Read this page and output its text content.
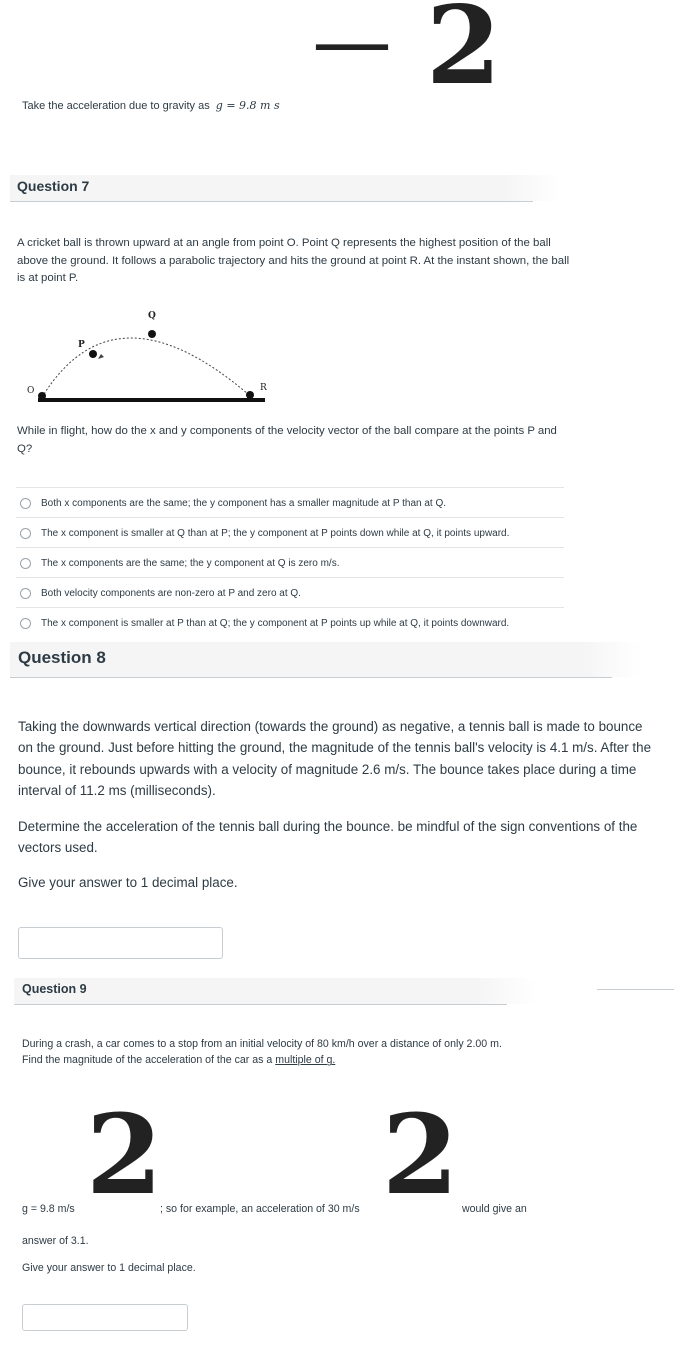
— 2
Take the acceleration due to gravity as g = 9.8 m s
Question 7
A cricket ball is thrown upward at an angle from point O. Point Q represents the highest position of the ball above the ground. It follows a parabolic trajectory and hits the ground at point R. At the instant shown, the ball is at point P.
O
P
Q
R
While in flight, how do the x and y components of the velocity vector of the ball compare at the points P and Q?
Both x components are the same; the y component has a smaller magnitude at P than at Q.
The x component is smaller at Q than at P; the y component at P points down while at Q, it points upward.
The x components are the same; the y component at Q is zero m/s.
Both velocity components are non-zero at P and zero at Q.
The x component is smaller at P than at Q; the y component at P points up while at Q, it points downward.
Question 8
Taking the downwards vertical direction (towards the ground) as negative, a tennis ball is made to bounce on the ground. Just before hitting the ground, the magnitude of the tennis ball's velocity is 4.1 m/s. After the bounce, it rebounds upwards with a velocity of magnitude 2.6 m/s. The bounce takes place during a time interval of 11.2 ms (milliseconds).
Determine the acceleration of the tennis ball during the bounce. be mindful of the sign conventions of the vectors used.
Give your answer to 1 decimal place.
Question 9
During a crash, a car comes to a stop from an initial velocity of 80 km/h over a distance of only 2.00 m. Find the magnitude of the acceleration of the car as a multiple of g.
g = 9.8 m/s 2
; so for example, an acceleration of 30 m/s 2 would give an
answer of 3.1.
Give your answer to 1 decimal place.
